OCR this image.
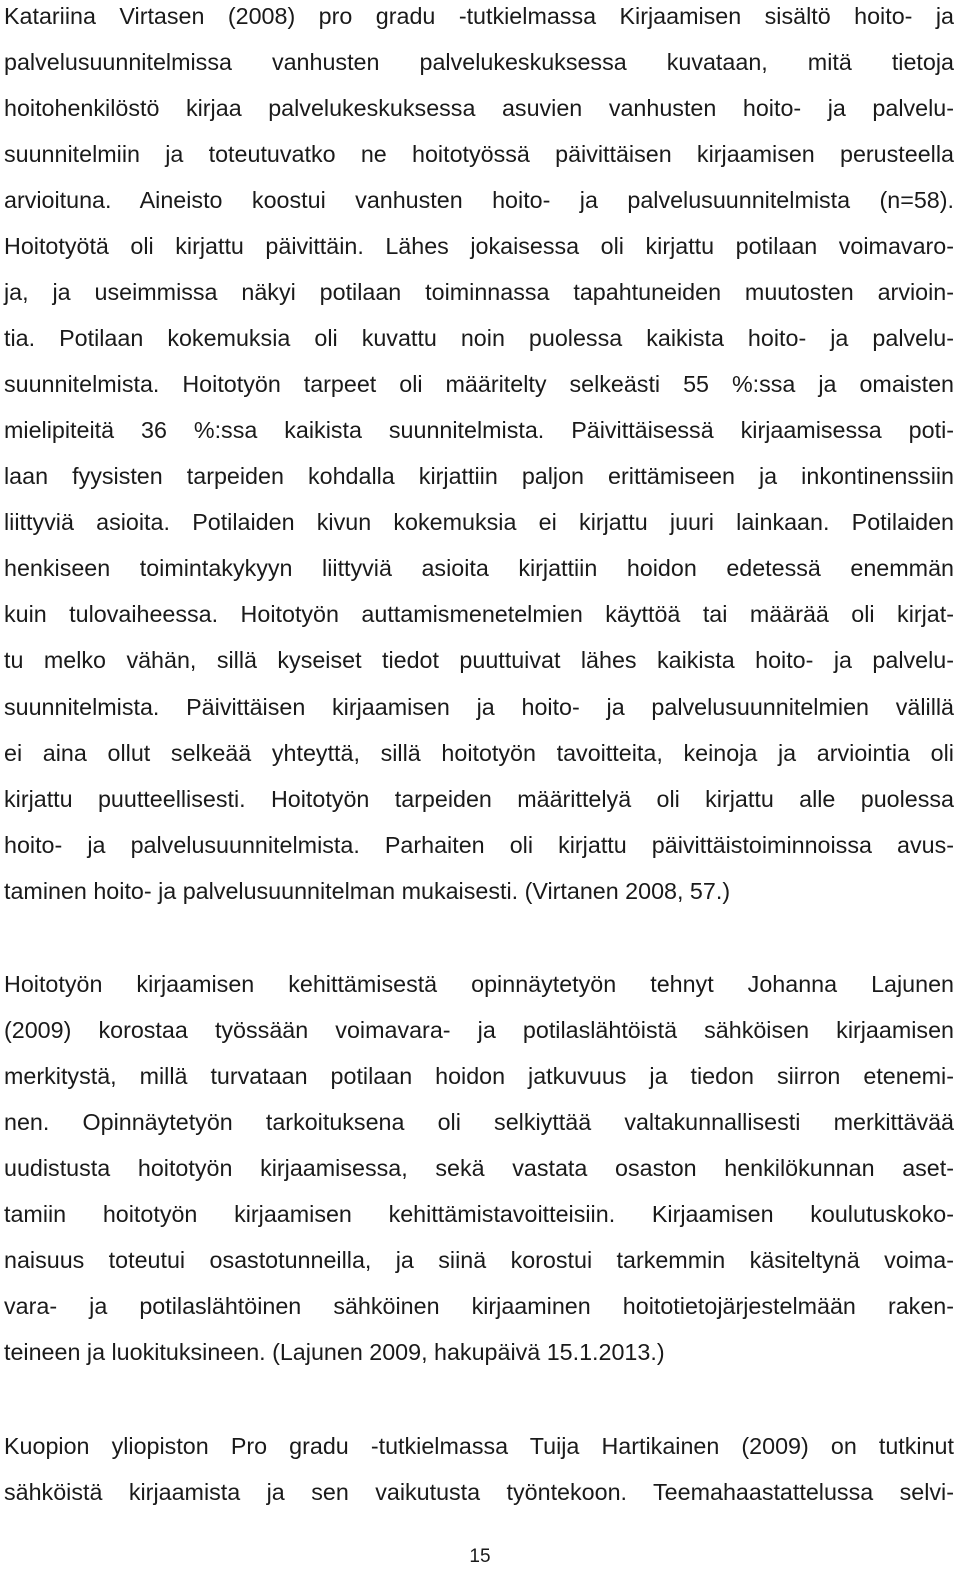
Katariina Virtasen (2008) pro gradu -tutkielmassa Kirjaamisen sisältö hoito- ja
palvelusuunnitelmissa vanhusten palvelukeskuksessa kuvataan, mitä tietoja
hoitohenkilöstö kirjaa palvelukeskuksessa asuvien vanhusten hoito- ja palvelu-
suunnitelmiin ja toteutuvatko ne hoitotyössä päivittäisen kirjaamisen perusteella
arvioituna. Aineisto koostui vanhusten hoito- ja palvelusuunnitelmista (n=58).
Hoitotyötä oli kirjattu päivittäin. Lähes jokaisessa oli kirjattu potilaan voimavaro-
ja, ja useimmissa näkyi potilaan toiminnassa tapahtuneiden muutosten arvioin-
tia. Potilaan kokemuksia oli kuvattu noin puolessa kaikista hoito- ja palvelu-
suunnitelmista. Hoitotyön tarpeet oli määritelty selkeästi 55 %:ssa ja omaisten
mielipiteitä 36 %:ssa kaikista suunnitelmista. Päivittäisessä kirjaamisessa poti-
laan fyysisten tarpeiden kohdalla kirjattiin paljon erittämiseen ja inkontinenssiin
liittyviä asioita. Potilaiden kivun kokemuksia ei kirjattu juuri lainkaan. Potilaiden
henkiseen toimintakykyyn liittyviä asioita kirjattiin hoidon edetessä enemmän
kuin tulovaiheessa. Hoitotyön auttamismenetelmien käyttöä tai määrää oli kirjat-
tu melko vähän, sillä kyseiset tiedot puuttuivat lähes kaikista hoito- ja palvelu-
suunnitelmista. Päivittäisen kirjaamisen ja hoito- ja palvelusuunnitelmien välillä
ei aina ollut selkeää yhteyttä, sillä hoitotyön tavoitteita, keinoja ja arviointia oli
kirjattu puutteellisesti. Hoitotyön tarpeiden määrittelyä oli kirjattu alle puolessa
hoito- ja palvelusuunnitelmista. Parhaiten oli kirjattu päivittäistoiminnoissa avus-
taminen hoito- ja palvelusuunnitelman mukaisesti. (Virtanen 2008, 57.)
Hoitotyön kirjaamisen kehittämisestä opinnäytetyön tehnyt Johanna Lajunen
(2009) korostaa työssään voimavara- ja potilaslähtöistä sähköisen kirjaamisen
merkitystä, millä turvataan potilaan hoidon jatkuvuus ja tiedon siirron etenemi-
nen. Opinnäytetyön tarkoituksena oli selkiyttää valtakunnallisesti merkittävää
uudistusta hoitotyön kirjaamisessa, sekä vastata osaston henkilökunnan aset-
tamiin hoitotyön kirjaamisen kehittämistavoitteisiin. Kirjaamisen koulutuskoko-
naisuus toteutui osastotunneilla, ja siinä korostui tarkemmin käsiteltynä voima-
vara- ja potilaslähtöinen sähköinen kirjaaminen hoitotietojärjestelmään raken-
teineen ja luokituksineen. (Lajunen 2009, hakupäivä 15.1.2013.)
Kuopion yliopiston Pro gradu -tutkielmassa Tuija Hartikainen (2009) on tutkinut
sähköistä kirjaamista ja sen vaikutusta työntekoon. Teemahaastattelussa selvi-
15
